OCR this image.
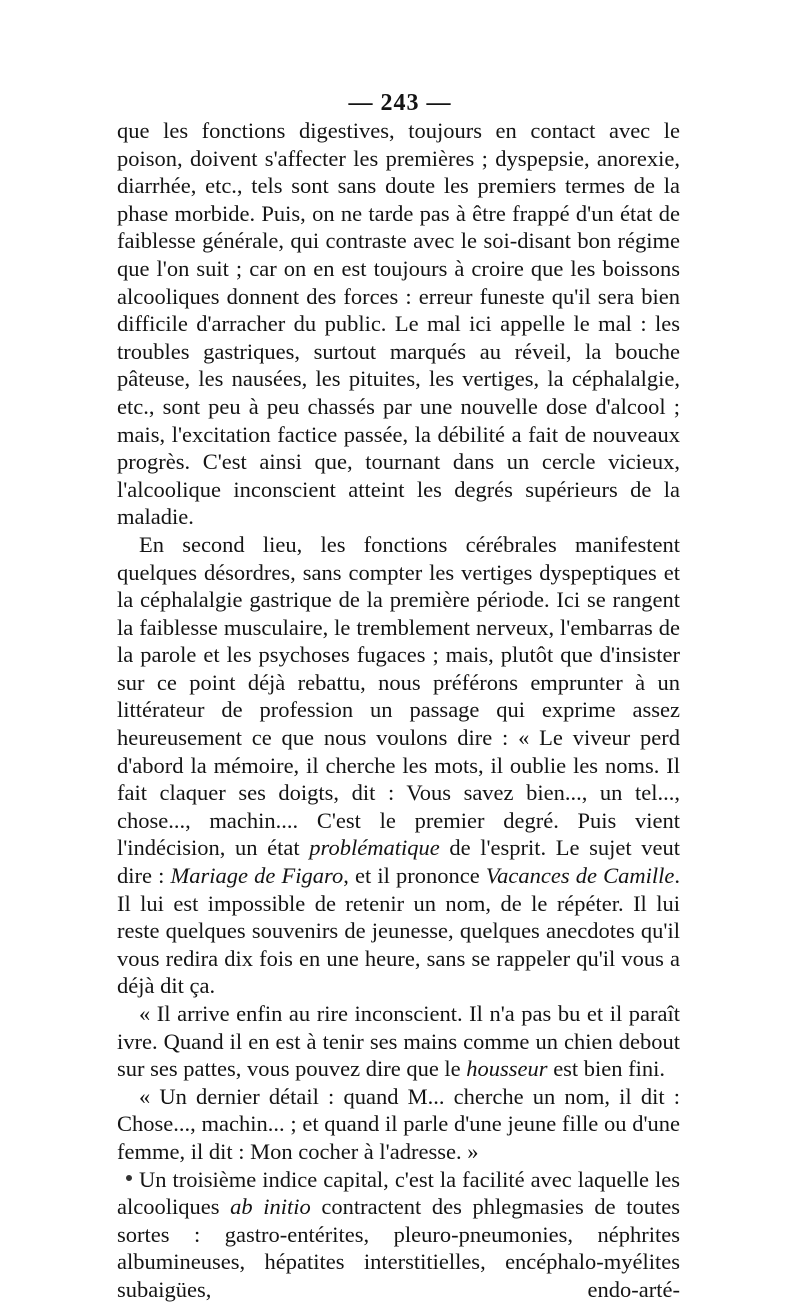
— 243 —

que les fonctions digestives, toujours en contact avec le poison, doivent s'affecter les premières ; dyspepsie, anorexie, diarrhée, etc., tels sont sans doute les premiers termes de la phase morbide. Puis, on ne tarde pas à être frappé d'un état de faiblesse générale, qui contraste avec le soi-disant bon régime que l'on suit ; car on en est toujours à croire que les boissons alcooliques donnent des forces : erreur funeste qu'il sera bien difficile d'arracher du public. Le mal ici appelle le mal : les troubles gastriques, surtout marqués au réveil, la bouche pâteuse, les nausées, les pituites, les vertiges, la céphalalgie, etc., sont peu à peu chassés par une nouvelle dose d'alcool ; mais, l'excitation factice passée, la débilité a fait de nouveaux progrès. C'est ainsi que, tournant dans un cercle vicieux, l'alcoolique inconscient atteint les degrés supérieurs de la maladie.

En second lieu, les fonctions cérébrales manifestent quelques désordres, sans compter les vertiges dyspeptiques et la céphalalgie gastrique de la première période. Ici se rangent la faiblesse musculaire, le tremblement nerveux, l'embarras de la parole et les psychoses fugaces ; mais, plutôt que d'insister sur ce point déjà rebattu, nous préférons emprunter à un littérateur de profession un passage qui exprime assez heureusement ce que nous voulons dire : « Le viveur perd d'abord la mémoire, il cherche les mots, il oublie les noms. Il fait claquer ses doigts, dit : Vous savez bien..., un tel..., chose..., machin.... C'est le premier degré. Puis vient l'indécision, un état problématique de l'esprit. Le sujet veut dire : Mariage de Figaro, et il prononce Vacances de Camille. Il lui est impossible de retenir un nom, de le répéter. Il lui reste quelques souvenirs de jeunesse, quelques anecdotes qu'il vous redira dix fois en une heure, sans se rappeler qu'il vous a déjà dit ça.

« Il arrive enfin au rire inconscient. Il n'a pas bu et il paraît ivre. Quand il en est à tenir ses mains comme un chien debout sur ses pattes, vous pouvez dire que le housseur est bien fini.

« Un dernier détail : quand M... cherche un nom, il dit : Chose..., machin... ; et quand il parle d'une jeune fille ou d'une femme, il dit : Mon cocher à l'adresse. »

Un troisième indice capital, c'est la facilité avec laquelle les alcooliques ab initio contractent des phlegmasies de toutes sortes : gastro-entérites, pleuro-pneumonies, néphrites albumineuses, hépatites interstitielles, encéphalo-myélites subaigües, endo-arté-
